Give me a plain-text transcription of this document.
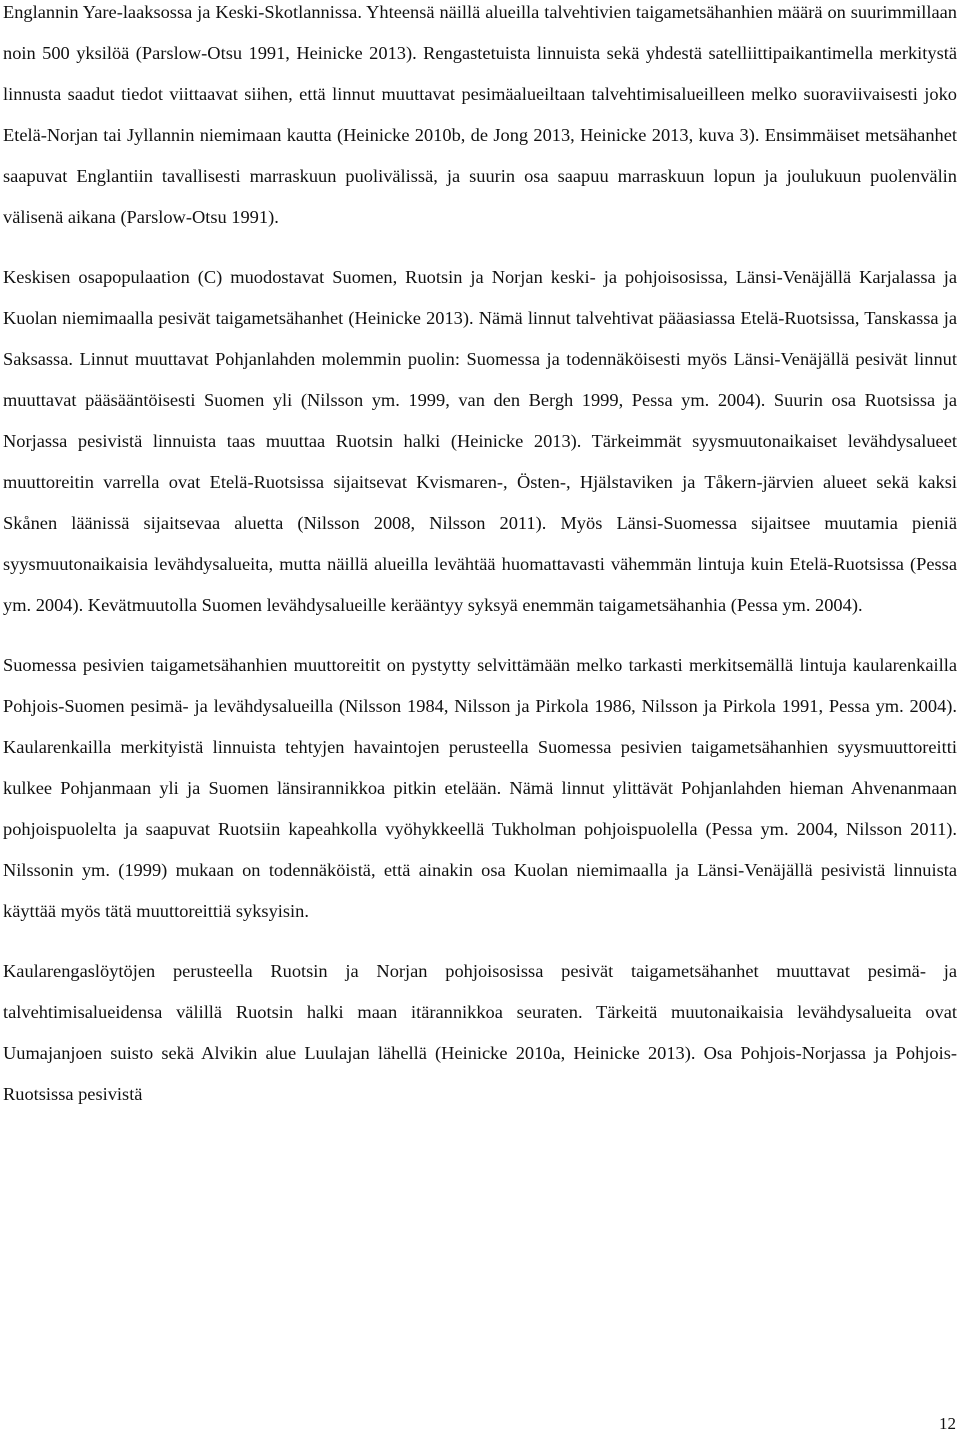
Englannin Yare-laaksossa ja Keski-Skotlannissa. Yhteensä näillä alueilla talvehtivien taigametsähanhien määrä on suurimmillaan noin 500 yksilöä (Parslow-Otsu 1991, Heinicke 2013). Rengastetuista linnuista sekä yhdestä satelliittipaikantimella merkitystä linnusta saadut tiedot viittaavat siihen, että linnut muuttavat pesimäalueiltaan talvehtimisalueilleen melko suoraviivaisesti joko Etelä-Norjan tai Jyllannin niemimaan kautta (Heinicke 2010b, de Jong 2013, Heinicke 2013, kuva 3). Ensimmäiset metsähanhet saapuvat Englantiin tavallisesti marraskuun puolivälissä, ja suurin osa saapuu marraskuun lopun ja joulukuun puolenvälin välisenä aikana (Parslow-Otsu 1991).

Keskisen osapopulaation (C) muodostavat Suomen, Ruotsin ja Norjan keski- ja pohjoisosissa, Länsi-Venäjällä Karjalassa ja Kuolan niemimaalla pesivät taigametsähanhet (Heinicke 2013). Nämä linnut talvehtivat pääasiassa Etelä-Ruotsissa, Tanskassa ja Saksassa. Linnut muuttavat Pohjanlahden molemmin puolin: Suomessa ja todennäköisesti myös Länsi-Venäjällä pesivät linnut muuttavat pääsääntöisesti Suomen yli (Nilsson ym. 1999, van den Bergh 1999, Pessa ym. 2004). Suurin osa Ruotsissa ja Norjassa pesivistä linnuista taas muuttaa Ruotsin halki (Heinicke 2013). Tärkeimmät syysmuutonaikaiset levähdysalueet muuttoreitin varrella ovat Etelä-Ruotsissa sijaitsevat Kvismaren-, Östen-, Hjälstaviken ja Tåkern-järvien alueet sekä kaksi Skånen läänissä sijaitsevaa aluetta (Nilsson 2008, Nilsson 2011). Myös Länsi-Suomessa sijaitsee muutamia pieniä syysmuutonaikaisia levähdysalueita, mutta näillä alueilla levähtää huomattavasti vähemmän lintuja kuin Etelä-Ruotsissa (Pessa ym. 2004). Kevätmuutolla Suomen levähdysalueille kerääntyy syksyä enemmän taigametsähanhia (Pessa ym. 2004).

Suomessa pesivien taigametsähanhien muuttoreitit on pystytty selvittämään melko tarkasti merkitsemällä lintuja kaularenkailla Pohjois-Suomen pesimä- ja levähdysalueilla (Nilsson 1984, Nilsson ja Pirkola 1986, Nilsson ja Pirkola 1991, Pessa ym. 2004). Kaularenkailla merkityistä linnuista tehtyjen havaintojen perusteella Suomessa pesivien taigametsähanhien syysmuuttoreitti kulkee Pohjanmaan yli ja Suomen länsirannikkoa pitkin etelään. Nämä linnut ylittävät Pohjanlahden hieman Ahvenanmaan pohjoispuolelta ja saapuvat Ruotsiin kapeahkolla vyöhykkeellä Tukholman pohjoispuolella (Pessa ym. 2004, Nilsson 2011). Nilssonin ym. (1999) mukaan on todennäköistä, että ainakin osa Kuolan niemimaalla ja Länsi-Venäjällä pesivistä linnuista käyttää myös tätä muuttoreittiä syksyisin.

Kaularengaslöytöjen perusteella Ruotsin ja Norjan pohjoisosissa pesivät taigametsähanhet muuttavat pesimä- ja talvehtimisalueidensa välillä Ruotsin halki maan itärannikkoa seuraten. Tärkeitä muutonaikaisia levähdysalueita ovat Uumajanjoen suisto sekä Alvikin alue Luulajan lähellä (Heinicke 2010a, Heinicke 2013). Osa Pohjois-Norjassa ja Pohjois-Ruotsissa pesivistä

12
